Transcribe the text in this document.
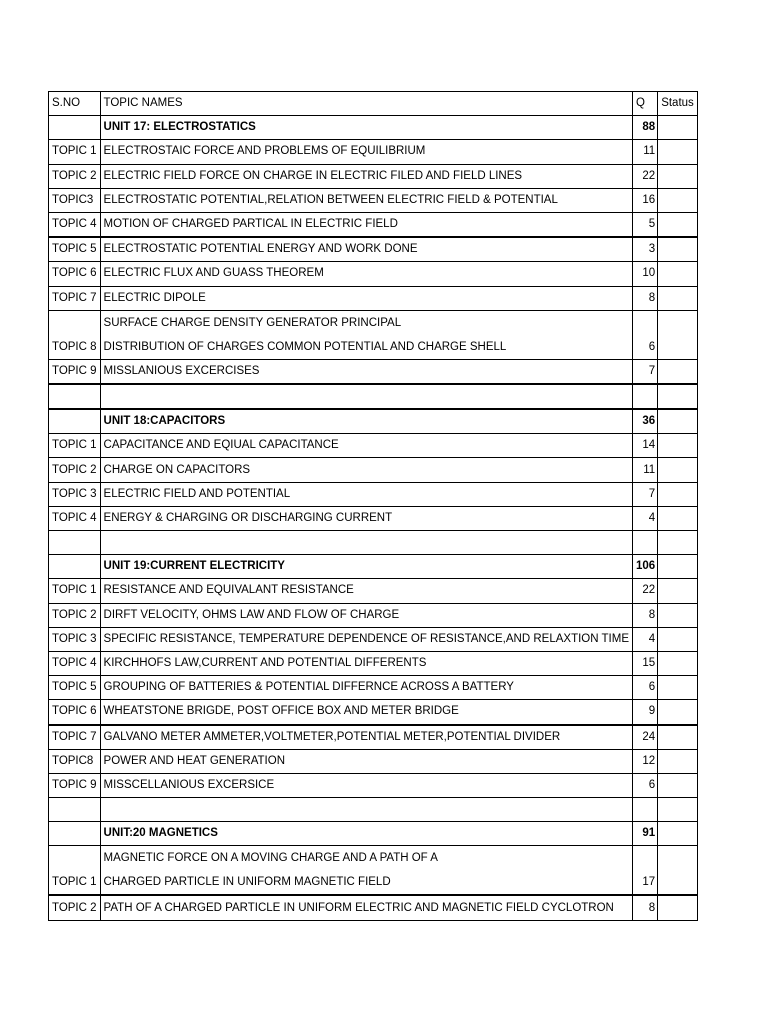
S.NO	TOPIC NAMES	Q	Status
	UNIT 17: ELECTROSTATICS	88	
TOPIC 1	ELECTROSTAIC FORCE AND PROBLEMS OF EQUILIBRIUM	11	
TOPIC 2	ELECTRIC FIELD FORCE ON CHARGE IN ELECTRIC FILED AND FIELD LINES	22	
TOPIC3	ELECTROSTATIC POTENTIAL,RELATION BETWEEN ELECTRIC FIELD & POTENTIAL	16	
TOPIC 4	MOTION OF CHARGED PARTICAL IN ELECTRIC FIELD	5	
TOPIC 5	ELECTROSTATIC POTENTIAL ENERGY AND WORK DONE	3	
TOPIC 6	ELECTRIC FLUX AND GUASS THEOREM	10	
TOPIC 7	ELECTRIC DIPOLE	8	
TOPIC 8	SURFACE CHARGE DENSITY GENERATOR PRINCIPAL
DISTRIBUTION OF CHARGES COMMON POTENTIAL AND CHARGE SHELL	6	
TOPIC 9	MISSLANIOUS EXCERCISES	7	

	UNIT 18:CAPACITORS	36	
TOPIC 1	CAPACITANCE AND EQIUAL CAPACITANCE	14	
TOPIC 2	CHARGE ON CAPACITORS	11	
TOPIC 3	ELECTRIC FIELD AND POTENTIAL	7	
TOPIC 4	ENERGY & CHARGING OR DISCHARGING CURRENT	4	

	UNIT 19:CURRENT ELECTRICITY	106	
TOPIC 1	RESISTANCE AND EQUIVALANT RESISTANCE	22	
TOPIC 2	DIRFT VELOCITY, OHMS LAW AND FLOW OF CHARGE	8	
TOPIC 3	SPECIFIC RESISTANCE, TEMPERATURE DEPENDENCE OF RESISTANCE,AND RELAXTION TIME	4	
TOPIC 4	KIRCHHOFS LAW,CURRENT AND POTENTIAL DIFFERENTS	15	
TOPIC 5	GROUPING OF BATTERIES & POTENTIAL DIFFERNCE ACROSS A BATTERY	6	
TOPIC 6	WHEATSTONE BRIGDE, POST OFFICE BOX AND METER BRIDGE	9	
TOPIC 7	GALVANO METER AMMETER,VOLTMETER,POTENTIAL METER,POTENTIAL DIVIDER	24	
TOPIC8	POWER AND HEAT GENERATION	12	
TOPIC 9	MISSCELLANIOUS EXCERSICE	6	

	UNIT:20 MAGNETICS	91	
TOPIC 1	MAGNETIC FORCE ON A MOVING CHARGE AND A PATH OF A
CHARGED PARTICLE IN UNIFORM MAGNETIC FIELD	17	
TOPIC 2	PATH OF A CHARGED PARTICLE IN UNIFORM ELECTRIC AND MAGNETIC FIELD CYCLOTRON	8	
